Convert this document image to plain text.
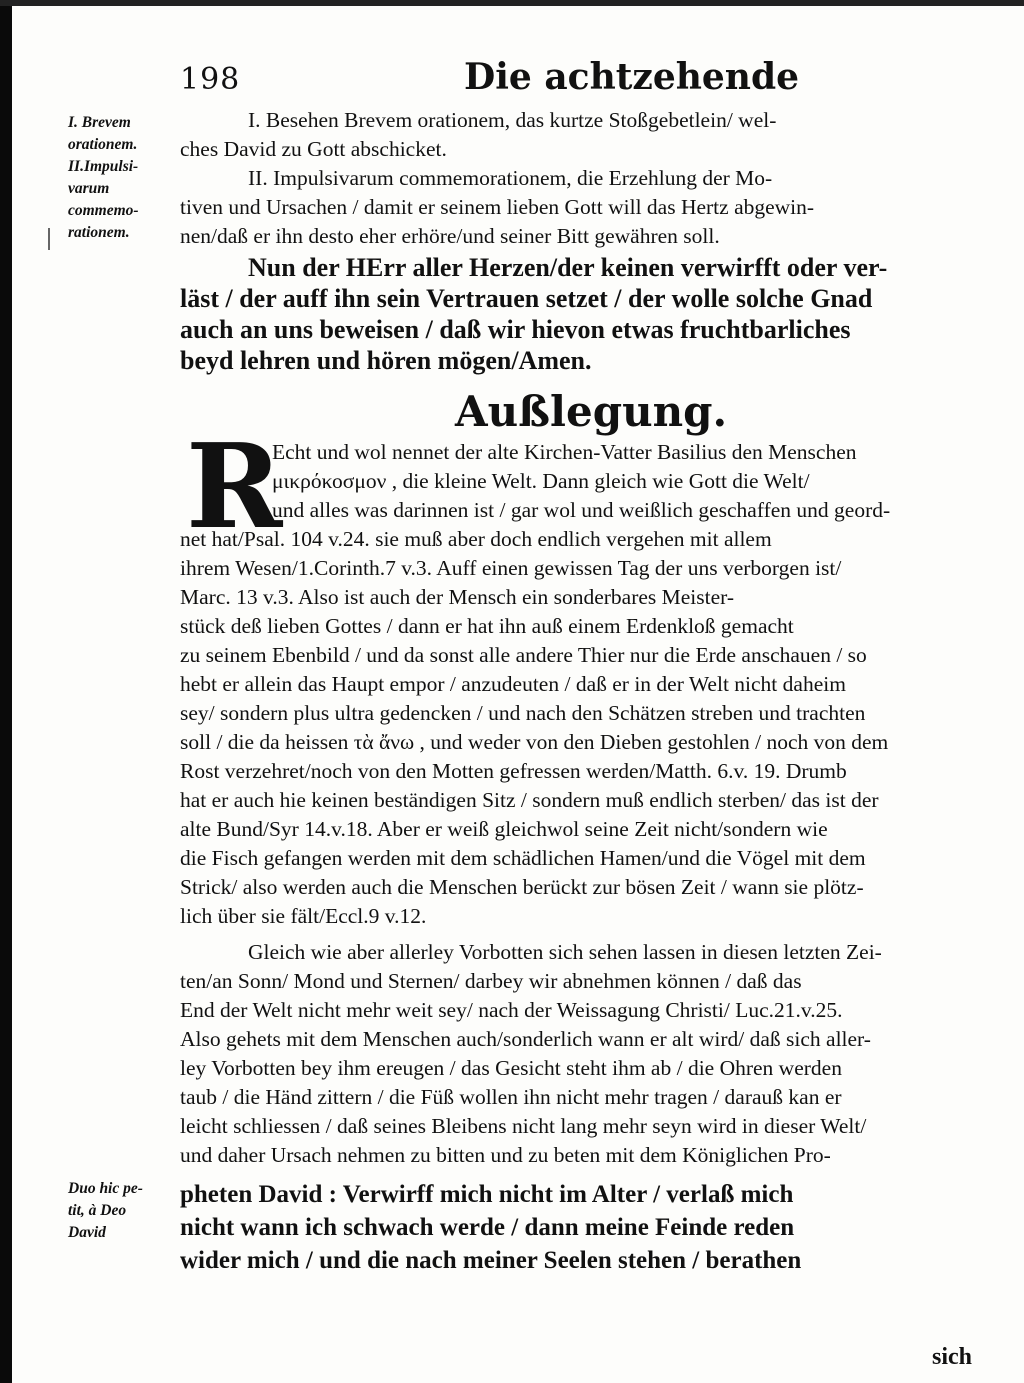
198	Die achtzehende
I. Brevem
orationem.
II.Impulsi-
varum
commemo-
rationem.
I. Besehen Brevem orationem, das kurtze Stoßgebetlein/ wel-
ches David zu Gott abschicket.
II. Impulsivarum commemorationem, die Erzehlung der Mo-
tiven und Ursachen / damit er seinem lieben Gott will das Hertz abgewin-
nen/daß er ihn desto eher erhöre/und seiner Bitt gewähren soll.
Nun der HErr aller Herzen/der keinen verwirfft oder ver-
läst / der auff ihn sein Vertrauen setzet / der wolle solche Gnad
auch an uns beweisen / daß wir hievon etwas fruchtbarliches
beyd lehren und hören mögen/Amen.
Außlegung.
R
Echt und wol nennet der alte Kirchen-Vatter Basilius den Menschen
μικρόκοσμον , die kleine Welt. Dann gleich wie Gott die Welt/
und alles was darinnen ist / gar wol und weißlich geschaffen und geord-
net hat/Psal. 104 v.24. sie muß aber doch endlich vergehen mit allem
ihrem Wesen/1.Corinth.7 v.3. Auff einen gewissen Tag der uns verborgen ist/
Marc. 13 v.3. Also ist auch der Mensch ein sonderbares Meister-
stück deß lieben Gottes / dann er hat ihn auß einem Erdenkloß gemacht
zu seinem Ebenbild / und da sonst alle andere Thier nur die Erde anschauen / so
hebt er allein das Haupt empor / anzudeuten / daß er in der Welt nicht daheim
sey/ sondern plus ultra gedencken / und nach den Schätzen streben und trachten
soll / die da heissen τὰ ἄνω , und weder von den Dieben gestohlen / noch von dem
Rost verzehret/noch von den Motten gefressen werden/Matth. 6.v. 19. Drumb
hat er auch hie keinen beständigen Sitz / sondern muß endlich sterben/ das ist der
alte Bund/Syr 14.v.18. Aber er weiß gleichwol seine Zeit nicht/sondern wie
die Fisch gefangen werden mit dem schädlichen Hamen/und die Vögel mit dem
Strick/ also werden auch die Menschen berückt zur bösen Zeit / wann sie plötz-
lich über sie fält/Eccl.9 v.12.
Gleich wie aber allerley Vorbotten sich sehen lassen in diesen letzten Zei-
ten/an Sonn/ Mond und Sternen/ darbey wir abnehmen können / daß das
End der Welt nicht mehr weit sey/ nach der Weissagung Christi/ Luc.21.v.25.
Also gehets mit dem Menschen auch/sonderlich wann er alt wird/ daß sich aller-
ley Vorbotten bey ihm ereugen / das Gesicht steht ihm ab / die Ohren werden
taub / die Händ zittern / die Füß wollen ihn nicht mehr tragen / darauß kan er
leicht schliessen / daß seines Bleibens nicht lang mehr seyn wird in dieser Welt/
und daher Ursach nehmen zu bitten und zu beten mit dem Königlichen Pro-
Duo hic pe-
tit, à Deo
David
pheten David : Verwirff mich nicht im Alter / verlaß mich
nicht wann ich schwach werde / dann meine Feinde reden
wider mich / und die nach meiner Seelen stehen / berathen
sich
